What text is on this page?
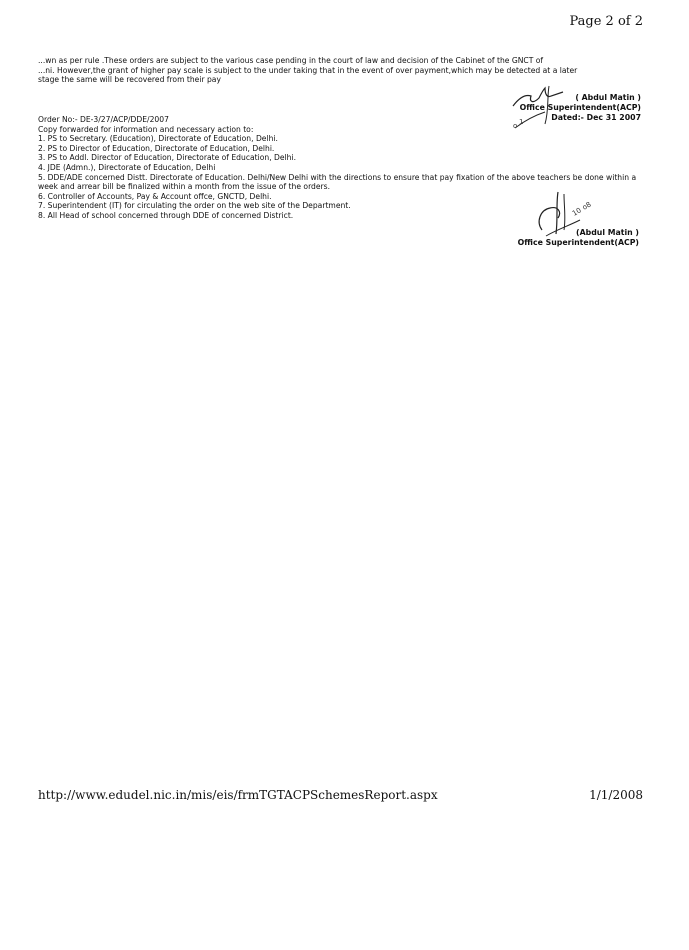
Page 2 of 2
...wn as per rule .These orders are subject to the various case pending in the court of law and decision of the Cabinet of the GNCT of
...ni. However,the grant of higher pay scale is subject to the under taking that in the event of over payment,which may be detected at a later
stage the same will be recovered from their pay
o 1
( Abdul Matin )
Office Superintendent(ACP)
Dated:- Dec 31 2007
Order No:- DE-3/27/ACP/DDE/2007
Copy forwarded for information and necessary action to:
1. PS to Secretary. (Education), Directorate of Education, Delhi.
2. PS to Director of Education, Directorate of Education, Delhi.
3. PS to Addl. Director of Education, Directorate of Education, Delhi.
4. JDE (Admn.), Directorate of Education, Delhi
5. DDE/ADE concerned Distt. Directorate of Education. Delhi/New Delhi with the directions to ensure that pay fixation of the above teachers be done within a week and arrear bill be finalized within a month from the issue of the orders.
6. Controller of Accounts, Pay & Account offce, GNCTD, Delhi.
7. Superintendent (IT) for circulating the order on the web site of the Department.
8. All Head of school concerned through DDE of concerned District.	10
o8
(Abdul Matin )
Office Superintendent(ACP)
http://www.edudel.nic.in/mis/eis/frmTGTACPSchemesReport.aspx	1/1/2008
